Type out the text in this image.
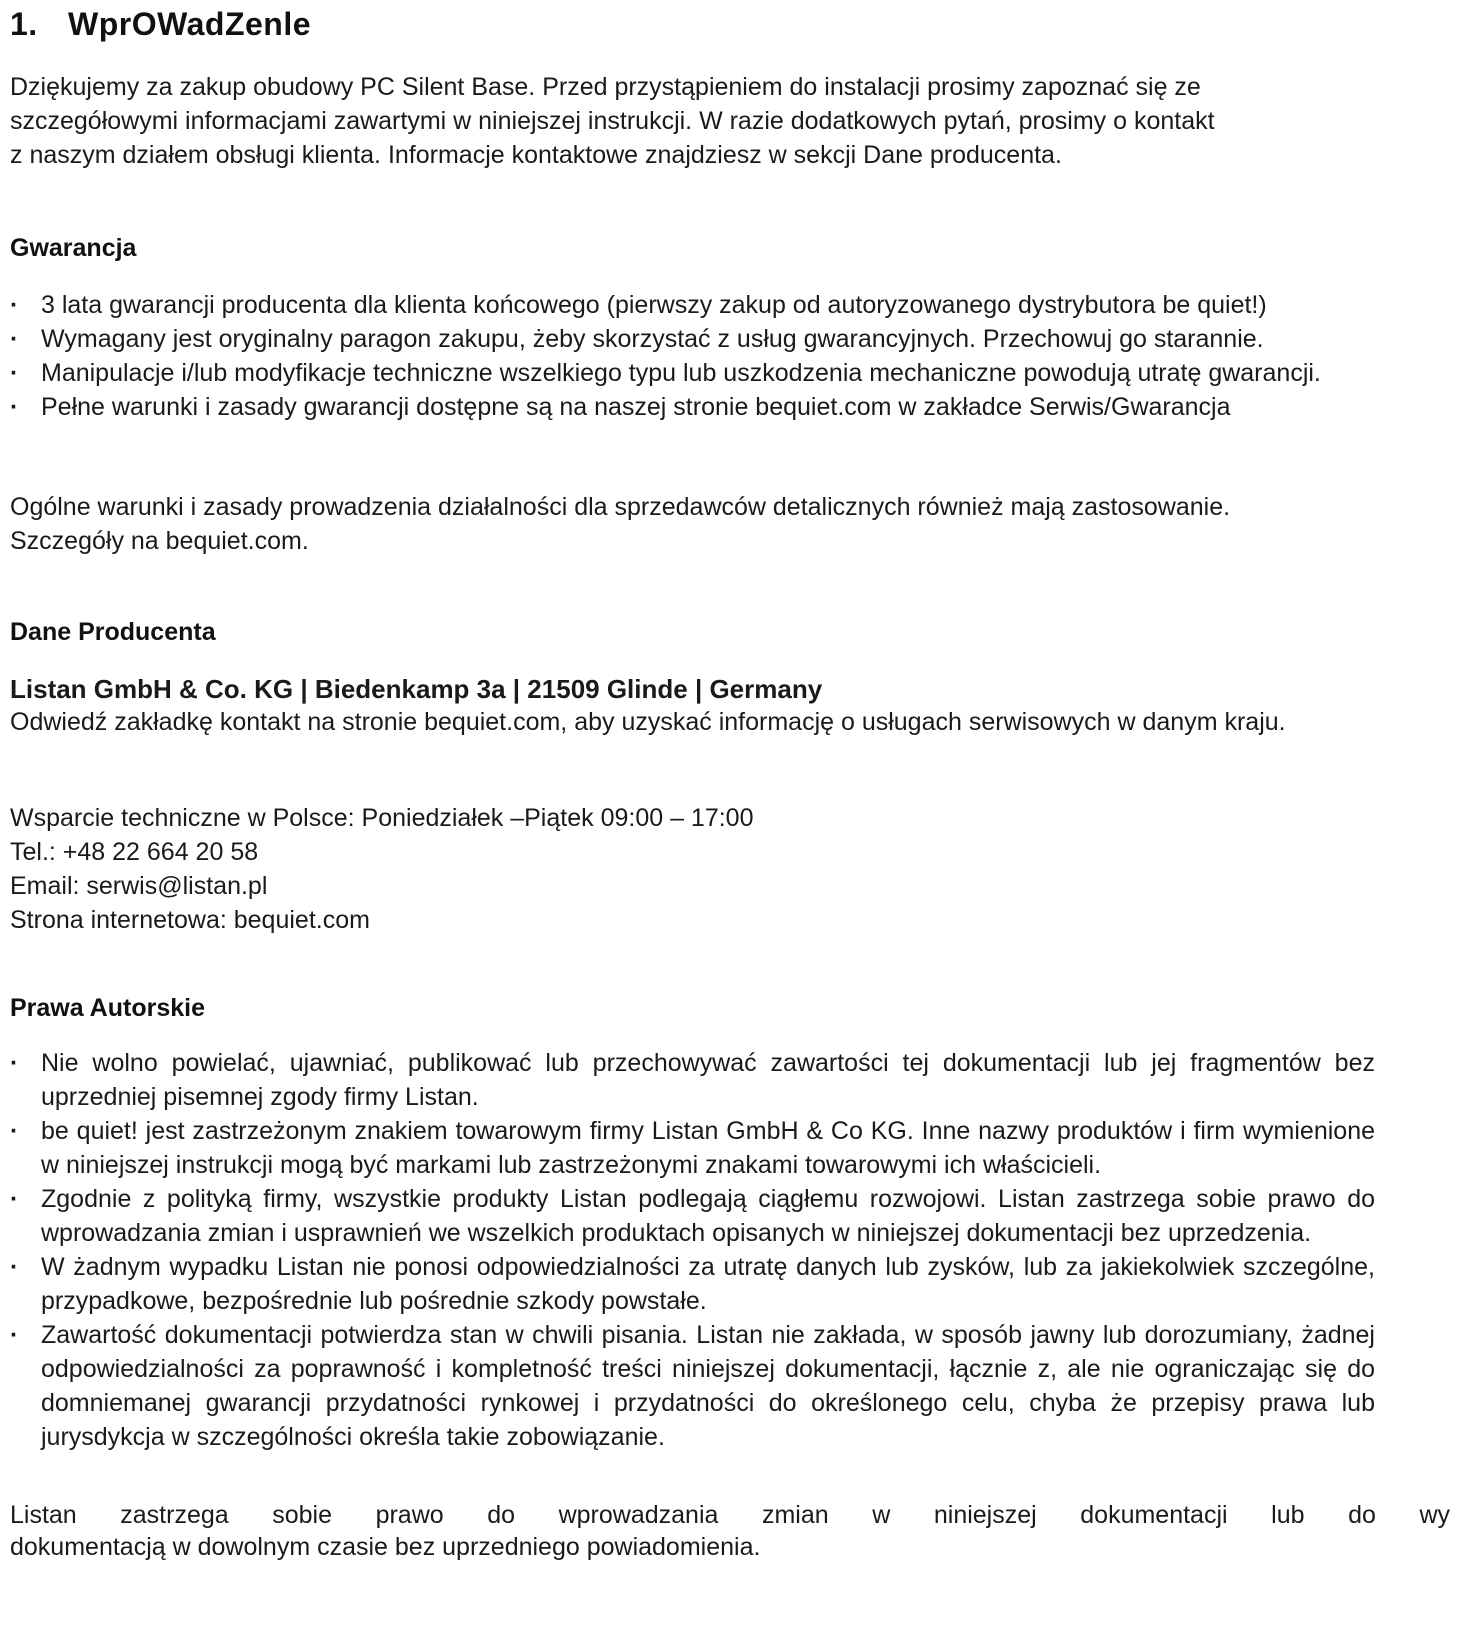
1. WprOWadZenle

Dziękujemy za zakup obudowy PC Silent Base. Przed przystąpieniem do instalacji prosimy zapoznać się ze
szczegółowymi informacjami zawartymi w niniejszej instrukcji. W razie dodatkowych pytań, prosimy o kontakt
z naszym działem obsługi klienta. Informacje kontaktowe znajdziesz w sekcji Dane producenta.

Gwarancja
· 3 lata gwarancji producenta dla klienta końcowego (pierwszy zakup od autoryzowanego dystrybutora be quiet!)
· Wymagany jest oryginalny paragon zakupu, żeby skorzystać z usług gwarancyjnych. Przechowuj go starannie.
· Manipulacje i/lub modyfikacje techniczne wszelkiego typu lub uszkodzenia mechaniczne powodują utratę gwarancji.
· Pełne warunki i zasady gwarancji dostępne są na naszej stronie bequiet.com w zakładce Serwis/Gwarancja

Ogólne warunki i zasady prowadzenia działalności dla sprzedawców detalicznych również mają zastosowanie.
Szczegóły na bequiet.com.

Dane Producenta

Listan GmbH & Co. KG | Biedenkamp 3a | 21509 Glinde | Germany

Odwiedź zakładkę kontakt na stronie bequiet.com, aby uzyskać informację o usługach serwisowych w danym kraju.

Wsparcie techniczne w Polsce: Poniedziałek –Piątek 09:00 – 17:00
Tel.: +48 22 664 20 58
Email: serwis@listan.pl
Strona internetowa: bequiet.com

Prawa Autorskie
· Nie wolno powielać, ujawniać, publikować lub przechowywać zawartości tej dokumentacji lub jej fragmentów bez uprzedniej pisemnej zgody firmy Listan.
· be quiet! jest zastrzeżonym znakiem towarowym firmy Listan GmbH & Co KG. Inne nazwy produktów i firm wymienione w niniejszej instrukcji mogą być markami lub zastrzeżonymi znakami towarowymi ich właścicieli.
· Zgodnie z polityką firmy, wszystkie produkty Listan podlegają ciągłemu rozwojowi. Listan zastrzega sobie prawo do wprowadzania zmian i usprawnień we wszelkich produktach opisanych w niniejszej dokumentacji bez uprzedzenia.
· W żadnym wypadku Listan nie ponosi odpowiedzialności za utratę danych lub zysków, lub za jakiekolwiek szczególne, przypadkowe, bezpośrednie lub pośrednie szkody powstałe.
· Zawartość dokumentacji potwierdza stan w chwili pisania. Listan nie zakłada, w sposób jawny lub dorozumiany, żadnej odpowiedzialności za poprawność i kompletność treści niniejszej dokumentacji, łącznie z, ale nie ograniczając się do domniemanej gwarancji przydatności rynkowej i przydatności do określonego celu, chyba że przepisy prawa lub jurysdykcja w szczególności określa takie zobowiązanie.
Listan zastrzega sobie prawo do wprowadzania zmian w niniejszej dokumentacji lub do wy

dokumentacją w dowolnym czasie bez uprzedniego powiadomienia.
